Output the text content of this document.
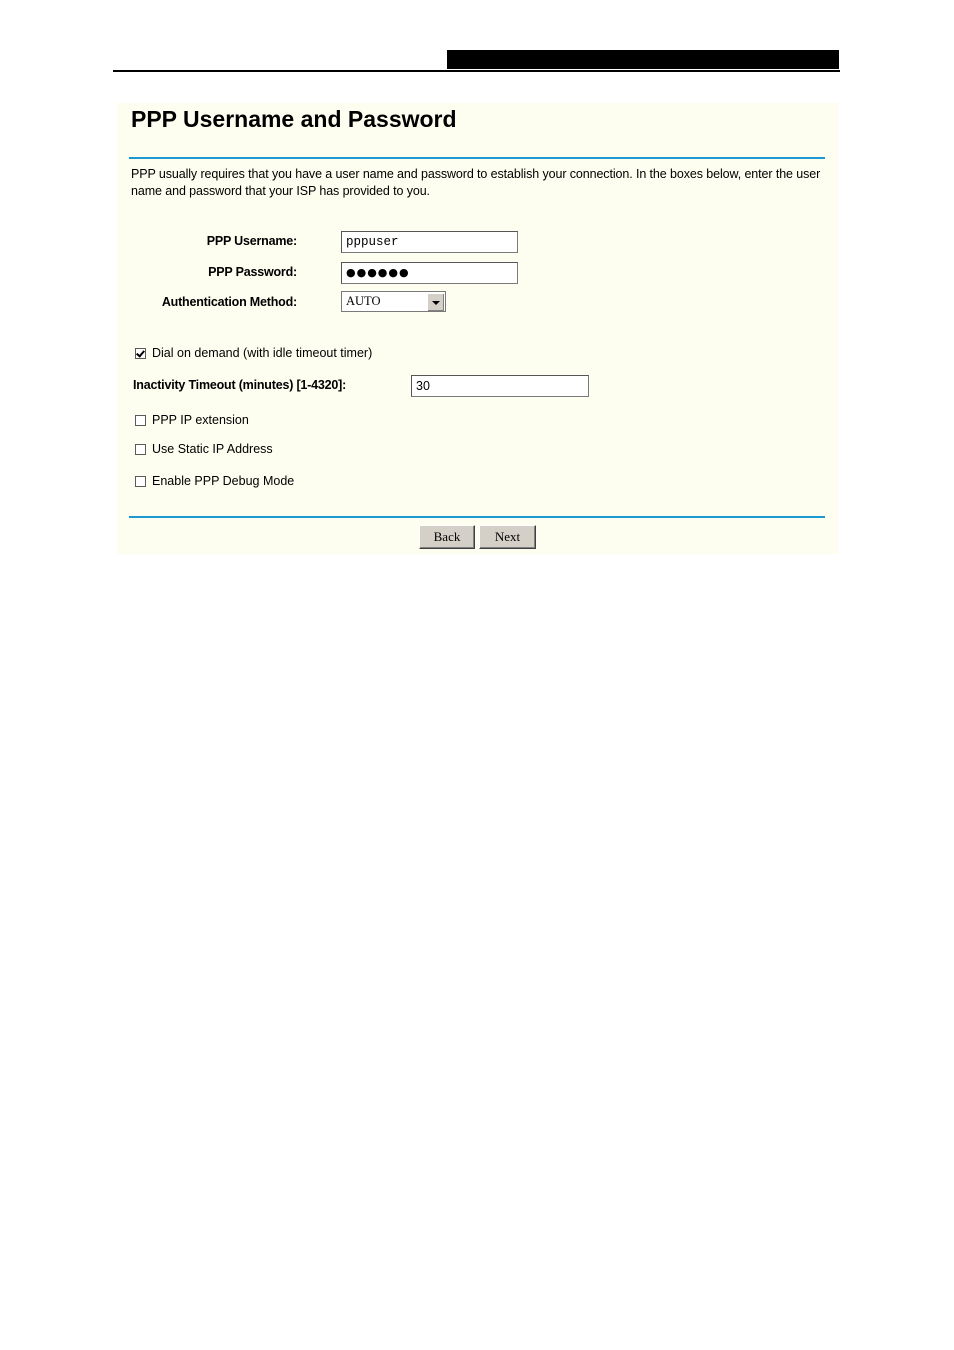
PPP Username and Password
PPP usually requires that you have a user name and password to establish your connection. In the boxes below, enter the user name and password that your ISP has provided to you.
PPP Username:
pppuser
PPP Password:	●●●●●●
Authentication Method:	AUTO
Dial on demand (with idle timeout timer)
Inactivity Timeout (minutes) [1-4320]:
30
PPP IP extension
Use Static IP Address
Enable PPP Debug Mode
Back	Next
